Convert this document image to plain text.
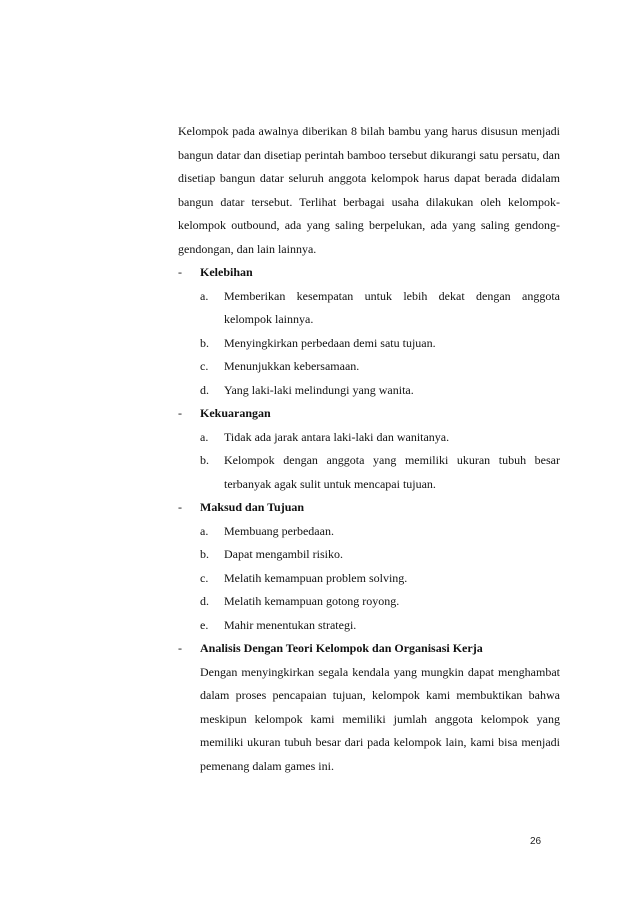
Kelompok pada awalnya diberikan 8 bilah bambu yang harus disusun menjadi bangun datar dan disetiap perintah bamboo tersebut dikurangi satu persatu, dan disetiap bangun datar seluruh anggota kelompok harus dapat berada didalam bangun datar tersebut. Terlihat berbagai usaha dilakukan oleh kelompok-kelompok outbound, ada yang saling berpelukan, ada yang saling gendong-gendongan, dan lain lainnya.

- Kelebihan
a. Memberikan kesempatan untuk lebih dekat dengan anggota kelompok lainnya.
b. Menyingkirkan perbedaan demi satu tujuan.
c. Menunjukkan kebersamaan.
d. Yang laki-laki melindungi yang wanita.
- Kekuarangan
a. Tidak ada jarak antara laki-laki dan wanitanya.
b. Kelompok dengan anggota yang memiliki ukuran tubuh besar terbanyak agak sulit untuk mencapai tujuan.
- Maksud dan Tujuan
a. Membuang perbedaan.
b. Dapat mengambil risiko.
c. Melatih kemampuan problem solving.
d. Melatih kemampuan gotong royong.
e. Mahir menentukan strategi.
- Analisis Dengan Teori Kelompok dan Organisasi Kerja

Dengan menyingkirkan segala kendala yang mungkin dapat menghambat dalam proses pencapaian tujuan, kelompok kami membuktikan bahwa meskipun kelompok kami memiliki jumlah anggota kelompok yang memiliki ukuran tubuh besar dari pada kelompok lain, kami bisa menjadi pemenang dalam games ini.

26
